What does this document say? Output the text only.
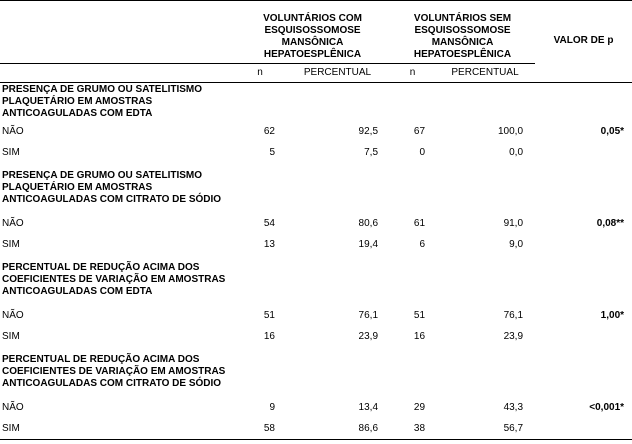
	VOLUNTÁRIOS COM ESQUISOSSOMOSE MANSÔNICA HEPATOESPLÊNICA		VOLUNTÁRIOS SEM ESQUISOSSOMOSE MANSÔNICA HEPATOESPLÊNICA		VALOR DE p
	n	PERCENTUAL	n	PERCENTUAL	
PRESENÇA DE GRUMO OU SATELITISMO PLAQUETÁRIO EM AMOSTRAS ANTICOAGULADAS COM EDTA					
NÃO	62	92,5	67	100,0	0,05*
SIM	5	7,5	0	0,0	
PRESENÇA DE GRUMO OU SATELITISMO PLAQUETÁRIO EM AMOSTRAS ANTICOAGULADAS COM CITRATO DE SÓDIO					
NÃO	54	80,6	61	91,0	0,08**
SIM	13	19,4	6	9,0	
PERCENTUAL DE REDUÇÃO ACIMA DOS COEFICIENTES DE VARIAÇÃO EM AMOSTRAS ANTICOAGULADAS COM EDTA					
NÃO	51	76,1	51	76,1	1,00*
SIM	16	23,9	16	23,9	
PERCENTUAL DE REDUÇÃO ACIMA DOS COEFICIENTES DE VARIAÇÃO EM AMOSTRAS ANTICOAGULADAS COM CITRATO DE SÓDIO					
NÃO	9	13,4	29	43,3	<0,001*
SIM	58	86,6	38	56,7	
